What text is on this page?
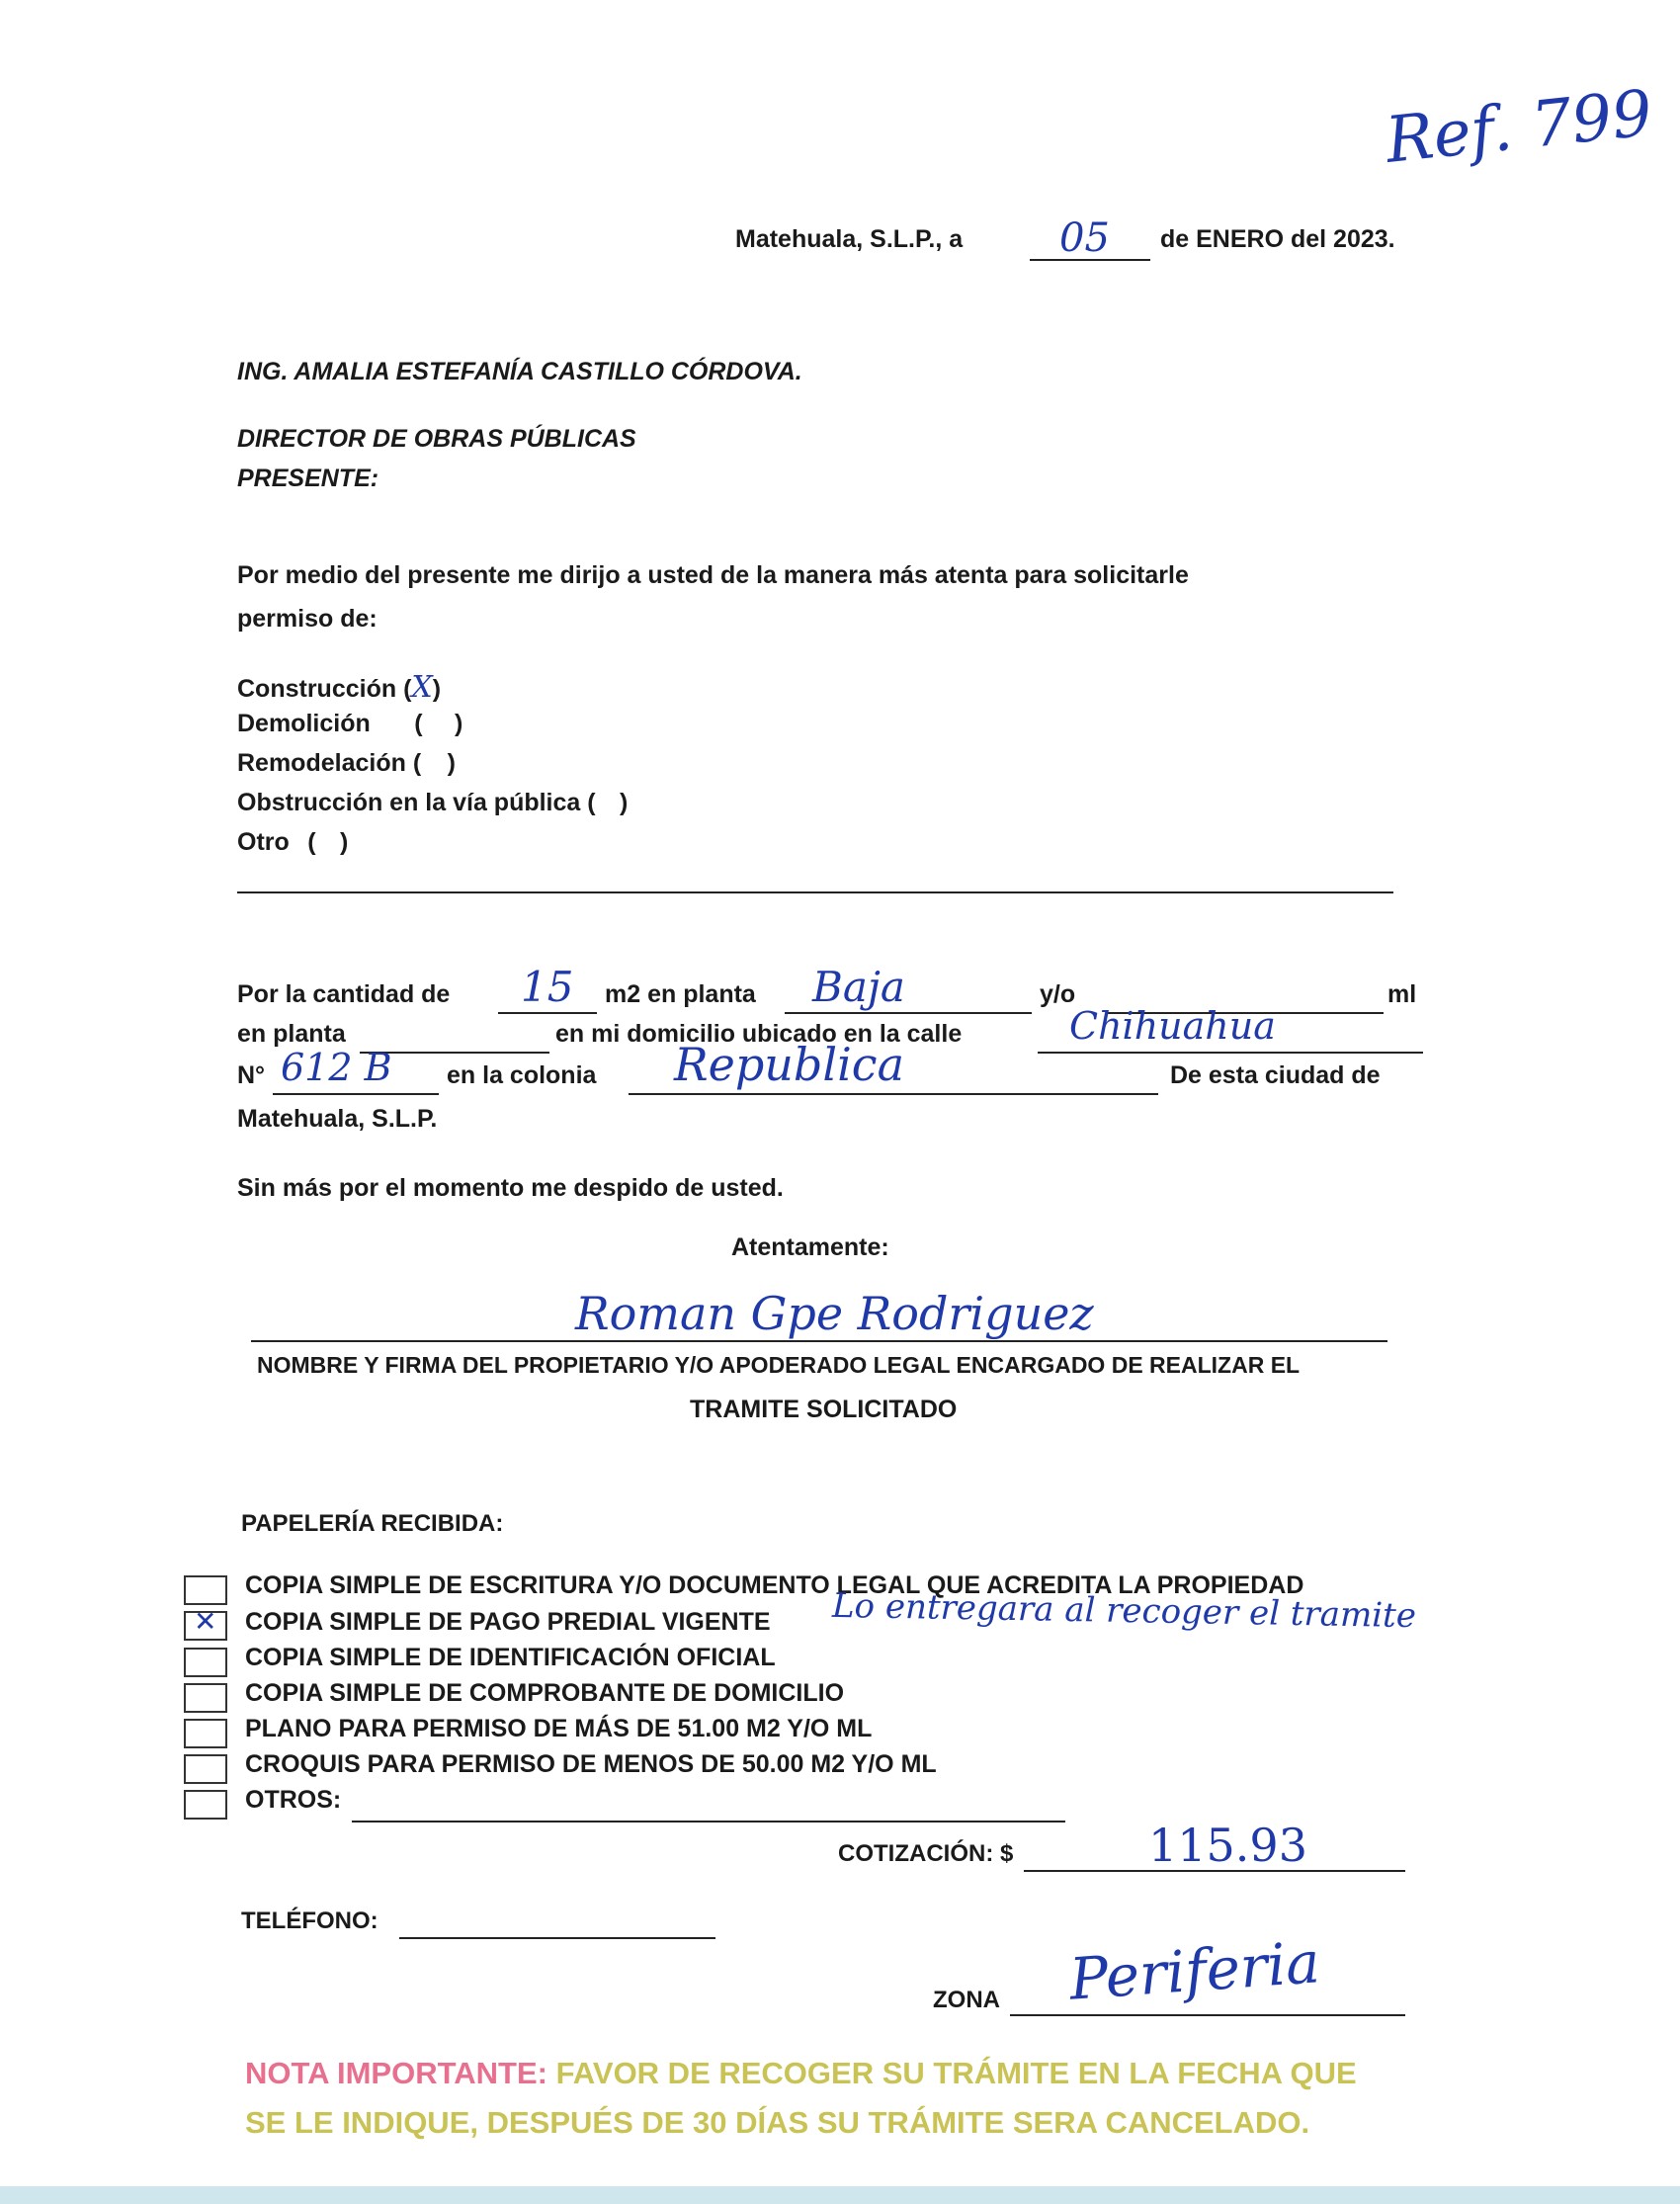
Ref. 799
Matehuala, S.L.P., a 05 de ENERO del 2023.
ING. AMALIA ESTEFANÍA CASTILLO CÓRDOVA.
DIRECTOR DE OBRAS PÚBLICAS
PRESENTE:
Por medio del presente me dirijo a usted de la manera más atenta para solicitarle
permiso de:
Construcción (X)
Demolición ( )
Remodelación ( )
Obstrucción en la vía pública ( )
Otro ( )
Por la cantidad de 15 m2 en planta Baja	y/o	ml
en planta	en mi domicilio ubicado en la calle	Chihuahua
N° 612 B en la colonia Republica	De esta ciudad de
Matehuala, S.L.P.
Sin más por el momento me despido de usted.
Atentamente:
Roman Gpe Rodriguez
NOMBRE Y FIRMA DEL PROPIETARIO Y/O APODERADO LEGAL ENCARGADO DE REALIZAR EL
TRAMITE SOLICITADO
PAPELERÍA RECIBIDA:
COPIA SIMPLE DE ESCRITURA Y/O DOCUMENTO LEGAL QUE ACREDITA LA PROPIEDAD
✕ COPIA SIMPLE DE PAGO PREDIAL VIGENTE Lo entregara al recoger el tramite
COPIA SIMPLE DE IDENTIFICACIÓN OFICIAL
COPIA SIMPLE DE COMPROBANTE DE DOMICILIO
PLANO PARA PERMISO DE MÁS DE 51.00 M2 Y/O ML
CROQUIS PARA PERMISO DE MENOS DE 50.00 M2 Y/O ML
OTROS:
COTIZACIÓN: $	115.93
TELÉFONO:
ZONA Periferia
NOTA IMPORTANTE: FAVOR DE RECOGER SU TRÁMITE EN LA FECHA QUE
SE LE INDIQUE, DESPUÉS DE 30 DÍAS SU TRÁMITE SERA CANCELADO.
